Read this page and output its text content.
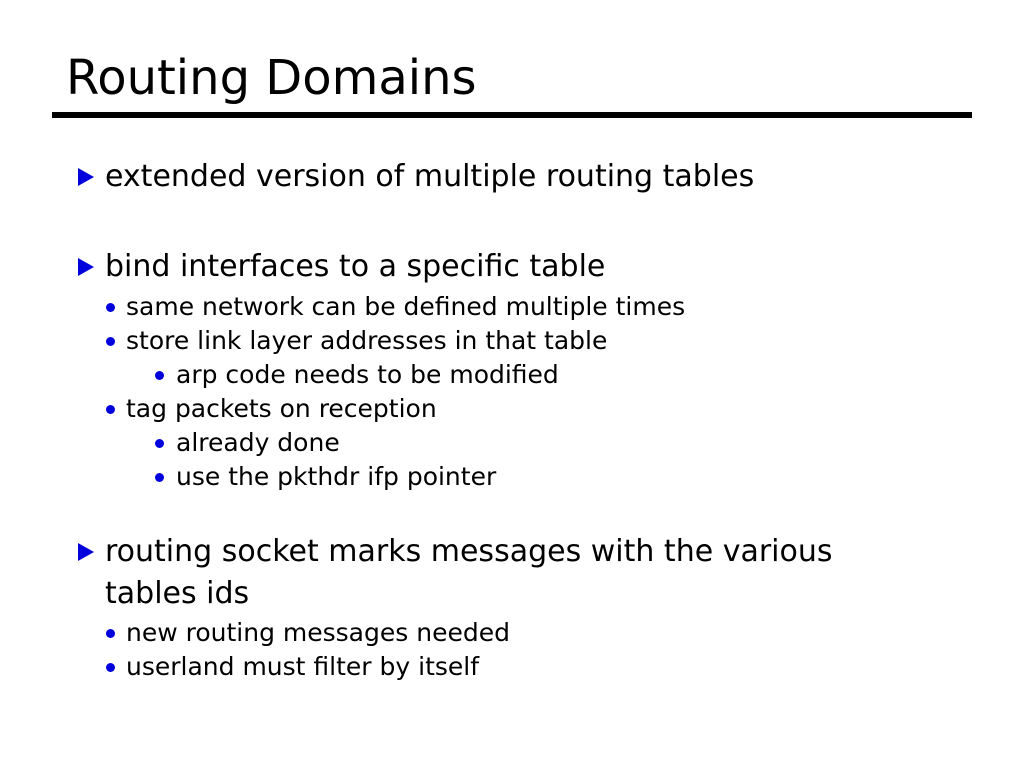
Routing Domains
extended version of multiple routing tables
bind interfaces to a specific table
same network can be defined multiple times
store link layer addresses in that table
arp code needs to be modified
tag packets on reception
already done
use the pkthdr ifp pointer
routing socket marks messages with the various tables ids
new routing messages needed
userland must filter by itself
